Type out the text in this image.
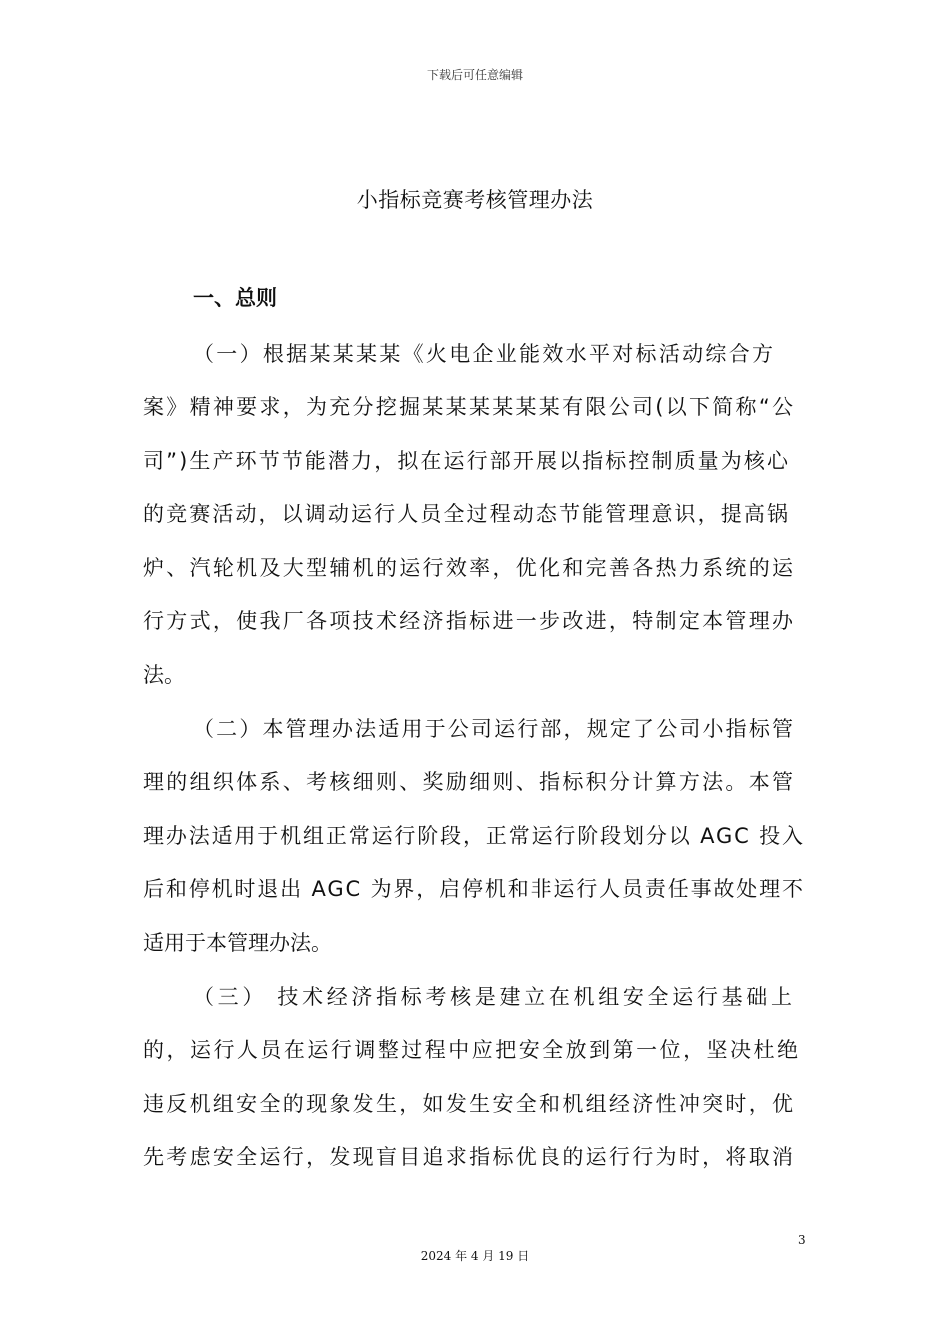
下载后可任意编辑
小指标竞赛考核管理办法
一、总则
（一）根据某某某某《火电企业能效水平对标活动综合方
案》精神要求，为充分挖掘某某某某某某有限公司(以下简称“公
司”)生产环节节能潜力，拟在运行部开展以指标控制质量为核心
的竞赛活动，以调动运行人员全过程动态节能管理意识，提高锅
炉、汽轮机及大型辅机的运行效率，优化和完善各热力系统的运
行方式，使我厂各项技术经济指标进一步改进，特制定本管理办
法。
（二）本管理办法适用于公司运行部，规定了公司小指标管
理的组织体系、考核细则、奖励细则、指标积分计算方法。本管
理办法适用于机组正常运行阶段，正常运行阶段划分以 AGC 投入
后和停机时退出 AGC 为界，启停机和非运行人员责任事故处理不
适用于本管理办法。
（三） 技术经济指标考核是建立在机组安全运行基础上
的，运行人员在运行调整过程中应把安全放到第一位，坚决杜绝
违反机组安全的现象发生，如发生安全和机组经济性冲突时，优
先考虑安全运行，发现盲目追求指标优良的运行行为时，将取消
3
2024 年 4 月 19 日
